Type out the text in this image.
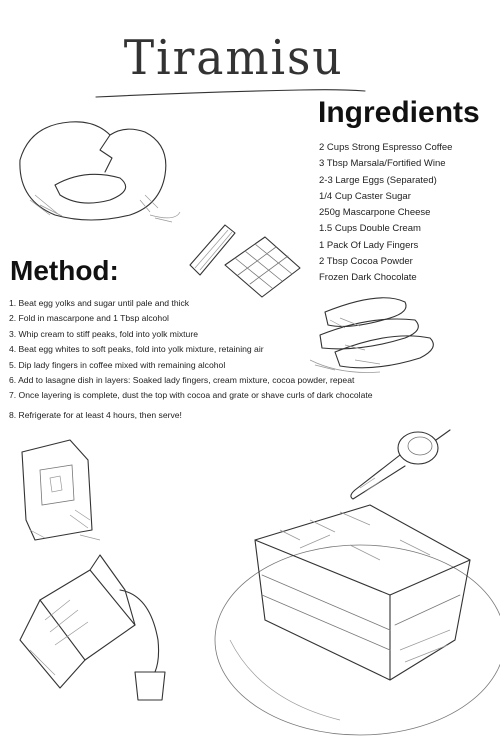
Tiramisu
Ingredients
2 Cups Strong Espresso Coffee
3 Tbsp Marsala/Fortified Wine
2-3 Large Eggs (Separated)
1/4 Cup Caster Sugar
250g Mascarpone Cheese
1.5 Cups Double Cream
1 Pack Of Lady Fingers
2 Tbsp Cocoa Powder
Frozen Dark Chocolate
Method:
1. Beat egg yolks and sugar until pale and thick
2. Fold in mascarpone and 1 Tbsp alcohol
3. Whip cream to stiff peaks, fold into yolk mixture
4. Beat egg whites to soft peaks, fold into yolk mixture, retaining air
5. Dip lady fingers in coffee mixed with remaining alcohol
6. Add to lasagne dish in layers: Soaked lady fingers, cream mixture, cocoa powder, repeat
7. Once layering is complete, dust the top with cocoa and grate or shave curls of dark chocolate
8. Refrigerate for at least 4 hours, then serve!
